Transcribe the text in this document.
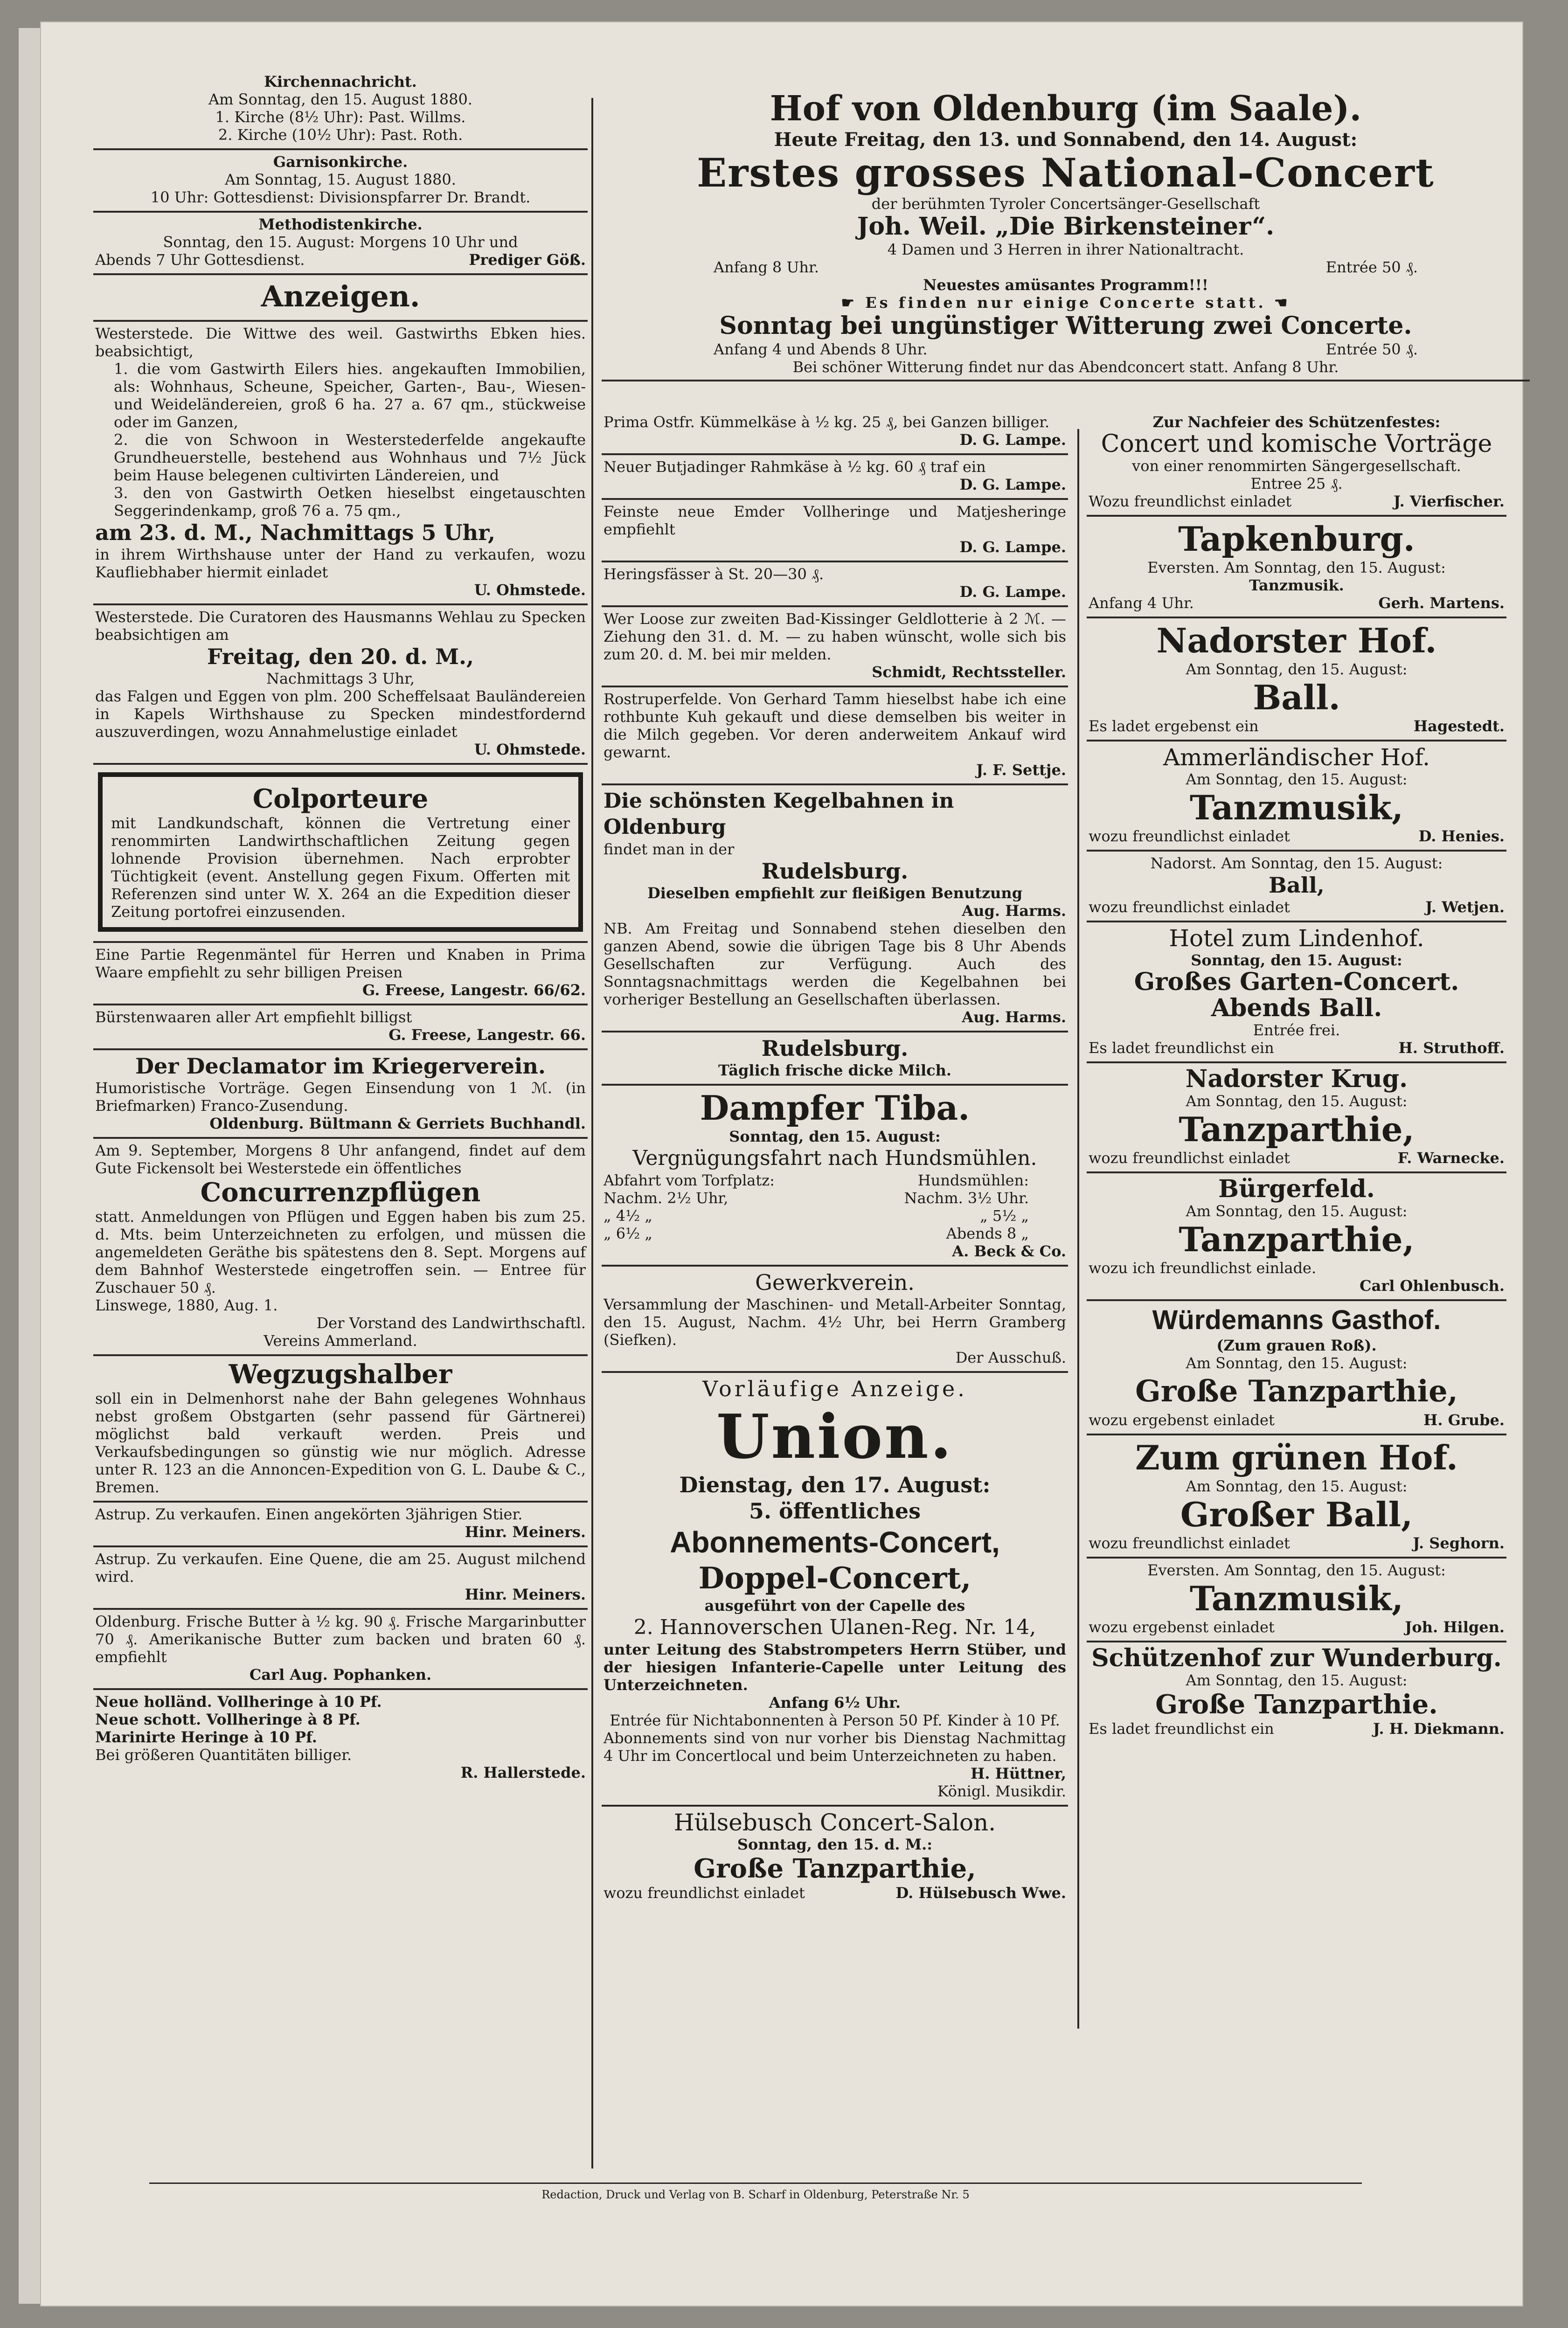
Kirchennachricht.
Am Sonntag, den 15. August 1880.
1. Kirche (8½ Uhr): Past. Willms.
2. Kirche (10½ Uhr): Past. Roth.
Garnisonkirche.
Am Sonntag, 15. August 1880.
10 Uhr: Gottesdienst: Divisionspfarrer Dr. Brandt.
Methodistenkirche.
Sonntag, den 15. August: Morgens 10 Uhr und
Abends 7 Uhr Gottesdienst.	Prediger Göß.
Anzeigen.
Westerstede. Die Wittwe des weil. Gastwirths Ebken hies. beabsichtigt,
1. die vom Gastwirth Eilers hies. angekauften Immobilien, als: Wohnhaus, Scheune, Speicher, Garten-, Bau-, Wiesen- und Weideländereien, groß 6 ha. 27 a. 67 qm., stückweise oder im Ganzen,
2. die von Schwoon in Westerstederfelde angekaufte Grundheuerstelle, bestehend aus Wohnhaus und 7½ Jück beim Hause belegenen cultivirten Ländereien, und
3. den von Gastwirth Oetken hieselbst eingetauschten Seggerindenkamp, groß 76 a. 75 qm.,
am 23. d. M., Nachmittags 5 Uhr,
in ihrem Wirthshause unter der Hand zu verkaufen, wozu Kaufliebhaber hiermit einladet
U. Ohmstede.
Westerstede. Die Curatoren des Hausmanns Wehlau zu Specken beabsichtigen am
Freitag, den 20. d. M.,
Nachmittags 3 Uhr,
das Falgen und Eggen von plm. 200 Scheffelsaat Bauländereien in Kapels Wirthshause zu Specken mindestfordernd auszuverdingen, wozu Annahmelustige einladet
U. Ohmstede.
Colporteure
mit Landkundschaft, können die Vertretung einer renommirten Landwirthschaftlichen Zeitung gegen lohnende Provision übernehmen. Nach erprobter Tüchtigkeit (event. Anstellung gegen Fixum. Offerten mit Referenzen sind unter W. X. 264 an die Expedition dieser Zeitung portofrei einzusenden.
Eine Partie Regenmäntel für Herren und Knaben in Prima Waare empfiehlt zu sehr billigen Preisen
G. Freese, Langestr. 66/62.
Bürstenwaaren aller Art empfiehlt billigst
G. Freese, Langestr. 66.
Der Declamator im Kriegerverein.
Humoristische Vorträge. Gegen Einsendung von 1 ℳ. (in Briefmarken) Franco-Zusendung.
Oldenburg. Bültmann & Gerriets Buchhandl.
Am 9. September, Morgens 8 Uhr anfangend, findet auf dem Gute Fickensolt bei Westerstede ein öffentliches
Concurrenzpflügen
statt. Anmeldungen von Pflügen und Eggen haben bis zum 25. d. Mts. beim Unterzeichneten zu erfolgen, und müssen die angemeldeten Geräthe bis spätestens den 8. Sept. Morgens auf dem Bahnhof Westerstede eingetroffen sein. — Entree für Zuschauer 50 ₰.
Linswege, 1880, Aug. 1.
Der Vorstand des Landwirthschaftl.
Vereins Ammerland.
Wegzugshalber
soll ein in Delmenhorst nahe der Bahn gelegenes Wohnhaus nebst großem Obstgarten (sehr passend für Gärtnerei) möglichst bald verkauft werden. Preis und Verkaufsbedingungen so günstig wie nur möglich. Adresse unter R. 123 an die Annoncen-Expedition von G. L. Daube & C., Bremen.
Astrup. Zu verkaufen. Einen angekörten 3jährigen Stier.
Hinr. Meiners.
Astrup. Zu verkaufen. Eine Quene, die am 25. August milchend wird.
Hinr. Meiners.
Oldenburg. Frische Butter à ½ kg. 90 ₰. Frische Margarinbutter 70 ₰. Amerikanische Butter zum backen und braten 60 ₰. empfiehlt
Carl Aug. Pophanken.
Neue holländ. Vollheringe à 10 Pf.
Neue schott. Vollheringe à 8 Pf.
Marinirte Heringe à 10 Pf.
Bei größeren Quantitäten billiger.
R. Hallerstede.
Hof von Oldenburg (im Saale).
Heute Freitag, den 13. und Sonnabend, den 14. August:
Erstes grosses National-Concert
der berühmten Tyroler Concertsänger-Gesellschaft
Joh. Weil. „Die Birkensteiner“.
4 Damen und 3 Herren in ihrer Nationaltracht.
Anfang 8 Uhr.	Entrée 50 ₰.
Neuestes amüsantes Programm!!!
☛ Es finden nur einige Concerte statt. ☚
Sonntag bei ungünstiger Witterung zwei Concerte.
Anfang 4 und Abends 8 Uhr.	Entrée 50 ₰.
Bei schöner Witterung findet nur das Abendconcert statt. Anfang 8 Uhr.
Prima Ostfr. Kümmelkäse à ½ kg. 25 ₰, bei Ganzen billiger.
D. G. Lampe.
Neuer Butjadinger Rahmkäse à ½ kg. 60 ₰ traf ein
D. G. Lampe.
Feinste neue Emder Vollheringe und Matjesheringe empfiehlt
D. G. Lampe.
Heringsfässer à St. 20—30 ₰.
D. G. Lampe.
Wer Loose zur zweiten Bad-Kissinger Geldlotterie à 2 ℳ. — Ziehung den 31. d. M. — zu haben wünscht, wolle sich bis zum 20. d. M. bei mir melden.
Schmidt, Rechtssteller.
Rostruperfelde. Von Gerhard Tamm hieselbst habe ich eine rothbunte Kuh gekauft und diese demselben bis weiter in die Milch gegeben. Vor deren anderweitem Ankauf wird gewarnt.
J. F. Settje.
Die schönsten Kegelbahnen in Oldenburg
findet man in der
Rudelsburg.
Dieselben empfiehlt zur fleißigen Benutzung
Aug. Harms.
NB. Am Freitag und Sonnabend stehen dieselben den ganzen Abend, sowie die übrigen Tage bis 8 Uhr Abends Gesellschaften zur Verfügung. Auch des Sonntagsnachmittags werden die Kegelbahnen bei vorheriger Bestellung an Gesellschaften überlassen.
Aug. Harms.
Rudelsburg.
Täglich frische dicke Milch.
Dampfer Tiba.
Sonntag, den 15. August:
Vergnügungsfahrt nach Hundsmühlen.
Abfahrt vom Torfplatz:	Hundsmühlen:
Nachm. 2½ Uhr,	Nachm. 3½ Uhr.
„ 4½ „	„ 5½ „
„ 6½ „	Abends 8 „
A. Beck & Co.
Gewerkverein.
Versammlung der Maschinen- und Metall-Arbeiter Sonntag, den 15. August, Nachm. 4½ Uhr, bei Herrn Gramberg (Siefken).
Der Ausschuß.
Vorläufige Anzeige.
Union.
Dienstag, den 17. August:
5. öffentliches
Abonnements-Concert,
Doppel-Concert,
ausgeführt von der Capelle des
2. Hannoverschen Ulanen-Reg. Nr. 14,
unter Leitung des Stabstrompeters Herrn Stüber, und der hiesigen Infanterie-Capelle unter Leitung des Unterzeichneten.
Anfang 6½ Uhr.
Entrée für Nichtabonnenten à Person 50 Pf. Kinder à 10 Pf.
Abonnements sind von nur vorher bis Dienstag Nachmittag 4 Uhr im Concertlocal und beim Unterzeichneten zu haben.
H. Hüttner,
Königl. Musikdir.
Hülsebusch Concert-Salon.
Sonntag, den 15. d. M.:
Große Tanzparthie,
wozu freundlichst einladet	D. Hülsebusch Wwe.
Zur Nachfeier des Schützenfestes:
Concert und komische Vorträge
von einer renommirten Sängergesellschaft.
Entree 25 ₰.
Wozu freundlichst einladet	J. Vierfischer.
Tapkenburg.
Eversten. Am Sonntag, den 15. August:
Tanzmusik.
Anfang 4 Uhr.	Gerh. Martens.
Nadorster Hof.
Am Sonntag, den 15. August:
Ball.
Es ladet ergebenst ein	Hagestedt.
Ammerländischer Hof.
Am Sonntag, den 15. August:
Tanzmusik,
wozu freundlichst einladet	D. Henies.
Nadorst. Am Sonntag, den 15. August:
Ball,
wozu freundlichst einladet	J. Wetjen.
Hotel zum Lindenhof.
Sonntag, den 15. August:
Großes Garten-Concert.
Abends Ball.
Entrée frei.
Es ladet freundlichst ein	H. Struthoff.
Nadorster Krug.
Am Sonntag, den 15. August:
Tanzparthie,
wozu freundlichst einladet	F. Warnecke.
Bürgerfeld.
Am Sonntag, den 15. August:
Tanzparthie,
wozu ich freundlichst einlade.
Carl Ohlenbusch.
Würdemanns Gasthof.
(Zum grauen Roß).
Am Sonntag, den 15. August:
Große Tanzparthie,
wozu ergebenst einladet	H. Grube.
Zum grünen Hof.
Am Sonntag, den 15. August:
Großer Ball,
wozu freundlichst einladet	J. Seghorn.
Eversten. Am Sonntag, den 15. August:
Tanzmusik,
wozu ergebenst einladet	Joh. Hilgen.
Schützenhof zur Wunderburg.
Am Sonntag, den 15. August:
Große Tanzparthie.
Es ladet freundlichst ein	J. H. Diekmann.
Redaction, Druck und Verlag von B. Scharf in Oldenburg, Peterstraße Nr. 5
